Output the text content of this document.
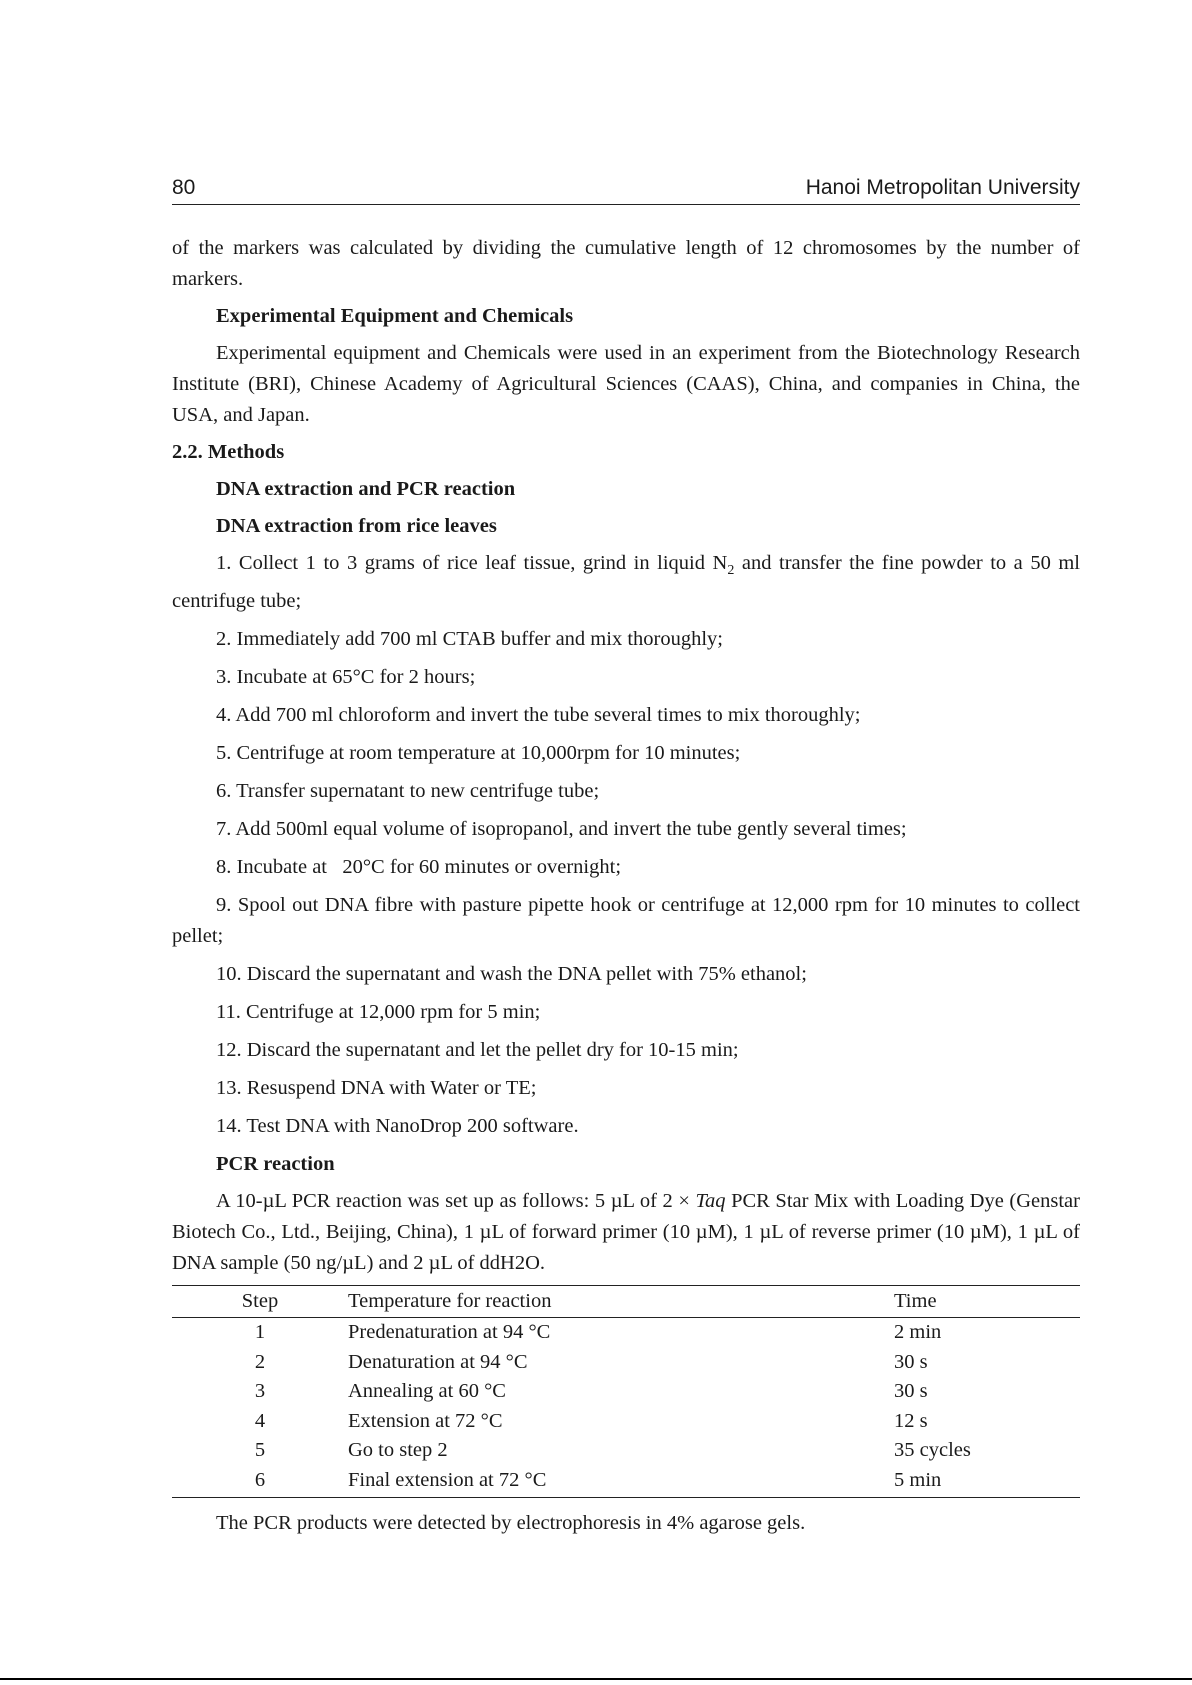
80	Hanoi Metropolitan University

of the markers was calculated by dividing the cumulative length of 12 chromosomes by the number of markers.

Experimental Equipment and Chemicals

Experimental equipment and Chemicals were used in an experiment from the Biotechnology Research Institute (BRI), Chinese Academy of Agricultural Sciences (CAAS), China, and companies in China, the USA, and Japan.

2.2. Methods
DNA extraction and PCR reaction
DNA extraction from rice leaves

1. Collect 1 to 3 grams of rice leaf tissue, grind in liquid $N_2$ and transfer the fine powder to a 50 ml centrifuge tube;

2. Immediately add 700 ml CTAB buffer and mix thoroughly;
3. Incubate at 65°C for 2 hours;
4. Add 700 ml chloroform and invert the tube several times to mix thoroughly;
5. Centrifuge at room temperature at 10,000rpm for 10 minutes;
6. Transfer supernatant to new centrifuge tube;
7. Add 500ml equal volume of isopropanol, and invert the tube gently several times;
8. Incubate at   20°C for 60 minutes or overnight;

9. Spool out DNA fibre with pasture pipette hook or centrifuge at 12,000 rpm for 10 minutes to collect pellet;

10. Discard the supernatant and wash the DNA pellet with 75% ethanol;
11. Centrifuge at 12,000 rpm for 5 min;
12. Discard the supernatant and let the pellet dry for 10-15 min;
13. Resuspend DNA with Water or TE;
14. Test DNA with NanoDrop 200 software.
PCR reaction

A 10-µL PCR reaction was set up as follows: 5 µL of 2 × Taq PCR Star Mix with Loading Dye (Genstar Biotech Co., Ltd., Beijing, China), 1 µL of forward primer (10 µM), 1 µL of reverse primer (10 µM), 1 µL of DNA sample (50 ng/µL) and 2 µL of ddH2O.

Step	Temperature for reaction	Time
1	Predenaturation at 94 °C	2 min
2	Denaturation at 94 °C	30 s
3	Annealing at 60 °C	30 s
4	Extension at 72 °C	12 s
5	Go to step 2	35 cycles
6	Final extension at 72 °C	5 min

The PCR products were detected by electrophoresis in 4% agarose gels.
